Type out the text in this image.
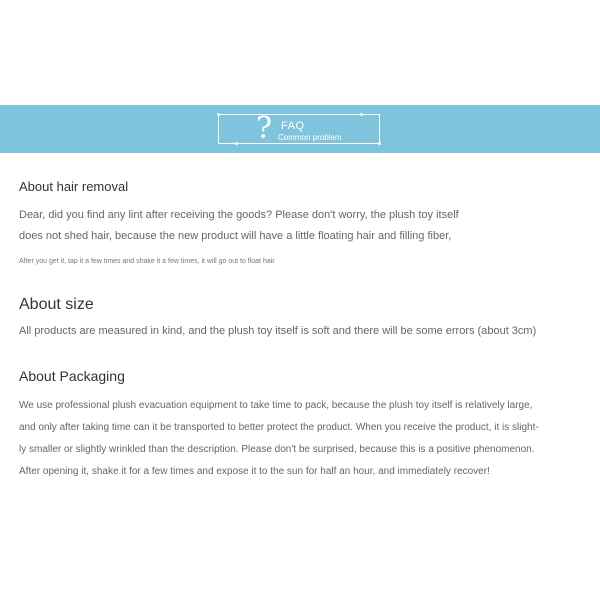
? FAQ
Common problem
About hair removal

Dear, did you find any lint after receiving the goods? Please don't worry, the plush toy itself

does not shed hair, because the new product will have a little floating hair and filling fiber,

After you get it, tap it a few times and shake it a few times, it will go out to float hair

About size

All products are measured in kind, and the plush toy itself is soft and there will be some errors (about 3cm)

About Packaging

We use professional plush evacuation equipment to take time to pack, because the plush toy itself is relatively large,

and only after taking time can it be transported to better protect the product. When you receive the product, it is slight-

ly smaller or slightly wrinkled than the description. Please don't be surprised, because this is a positive phenomenon.

After opening it, shake it for a few times and expose it to the sun for half an hour, and immediately recover!
